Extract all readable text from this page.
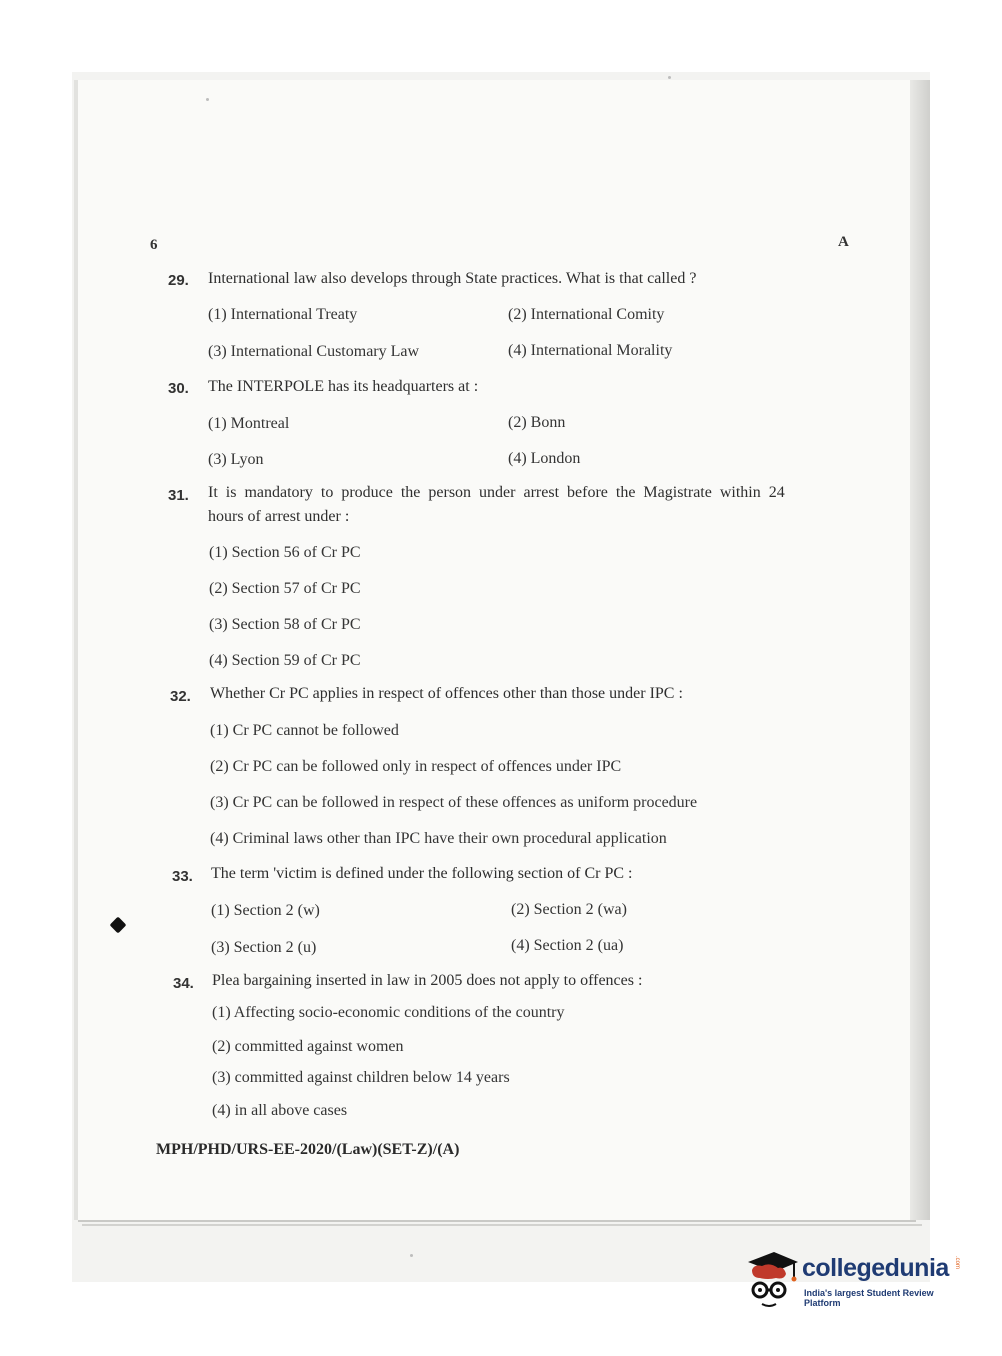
6	A
29. International law also develops through State practices. What is that called ?
(1) International Treaty	(2) International Comity
(3) International Customary Law	(4) International Morality
30. The INTERPOLE has its headquarters at :
(1) Montreal	(2) Bonn
(3) Lyon	(4) London
31. It is mandatory to produce the person under arrest before the Magistrate within 24
hours of arrest under :
(1) Section 56 of Cr PC
(2) Section 57 of Cr PC
(3) Section 58 of Cr PC
(4) Section 59 of Cr PC
32. Whether Cr PC applies in respect of offences other than those under IPC :
(1) Cr PC cannot be followed
(2) Cr PC can be followed only in respect of offences under IPC
(3) Cr PC can be followed in respect of these offences as uniform procedure
(4) Criminal laws other than IPC have their own procedural application
33. The term 'victim is defined under the following section of Cr PC :
(1) Section 2 (w)	(2) Section 2 (wa)
(3) Section 2 (u)	(4) Section 2 (ua)
34. Plea bargaining inserted in law in 2005 does not apply to offences :
(1) Affecting socio-economic conditions of the country
(2) committed against women
(3) committed against children below 14 years
(4) in all above cases
MPH/PHD/URS-EE-2020/(Law)(SET-Z)/(A)
collegedunia .com
India's largest Student Review Platform
